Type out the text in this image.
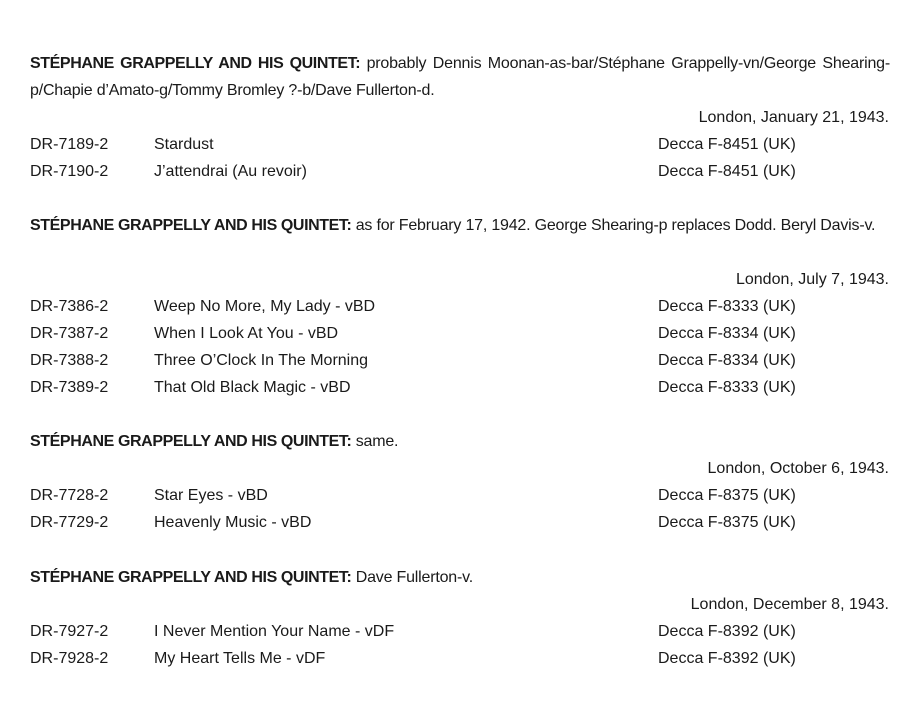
STÉPHANE GRAPPELLY AND HIS QUINTET: probably Dennis Moonan-as-bar/Stéphane Grappelly-vn/George Shearing-p/Chapie d’Amato-g/Tommy Bromley ?-b/Dave Fullerton-d.
London, January 21, 1943.
DR-7189-2	Stardust	Decca F-8451 (UK)
DR-7190-2	J’attendrai (Au revoir)	Decca F-8451 (UK)
STÉPHANE GRAPPELLY AND HIS QUINTET: as for February 17, 1942. George Shearing-p replaces Dodd. Beryl Davis-v.
London, July 7, 1943.
DR-7386-2	Weep No More, My Lady - vBD	Decca F-8333 (UK)
DR-7387-2	When I Look At You - vBD	Decca F-8334 (UK)
DR-7388-2	Three O’Clock In The Morning	Decca F-8334 (UK)
DR-7389-2	That Old Black Magic - vBD	Decca F-8333 (UK)
STÉPHANE GRAPPELLY AND HIS QUINTET: same.
London, October 6, 1943.
DR-7728-2	Star Eyes - vBD	Decca F-8375 (UK)
DR-7729-2	Heavenly Music - vBD	Decca F-8375 (UK)
STÉPHANE GRAPPELLY AND HIS QUINTET: Dave Fullerton-v.
London, December 8, 1943.
DR-7927-2	I Never Mention Your Name - vDF	Decca F-8392 (UK)
DR-7928-2	My Heart Tells Me - vDF	Decca F-8392 (UK)
